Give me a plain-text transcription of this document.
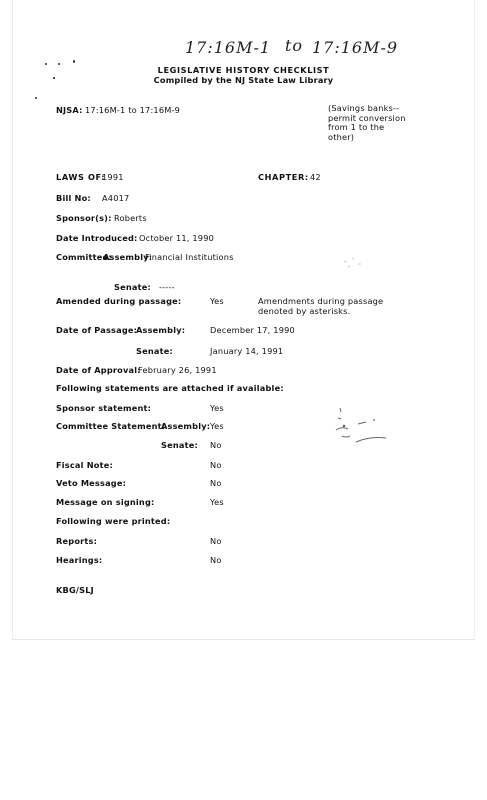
17:16M-1 to 17:16M-9
LEGISLATIVE HISTORY CHECKLIST
Compiled by the NJ State Law Library
NJSA: 17:16M-1 to 17:16M-9	(Savings banks--
permit conversion
from 1 to the
other)
LAWS OF:
1991	CHAPTER: 42
Bill No: A4017
Sponsor(s): Roberts
Date Introduced: October 11, 1990
Committee:
Assembly:
Financial Institutions
Senate: -----
Amended during passage:	Yes	Amendments during passage
denoted by asterisks.
Date of Passage:
Assembly:	December 17, 1990
Senate:	January 14, 1991
Date of Approval:
February 26, 1991
Following statements are attached if available:
Sponsor statement:	Yes
Committee Statement:
Assembly: Yes
Senate: No
Fiscal Note:	No
Veto Message:	No
Message on signing:	Yes
Following were printed:
Reports:	No
Hearings:	No
KBG/SLJ
